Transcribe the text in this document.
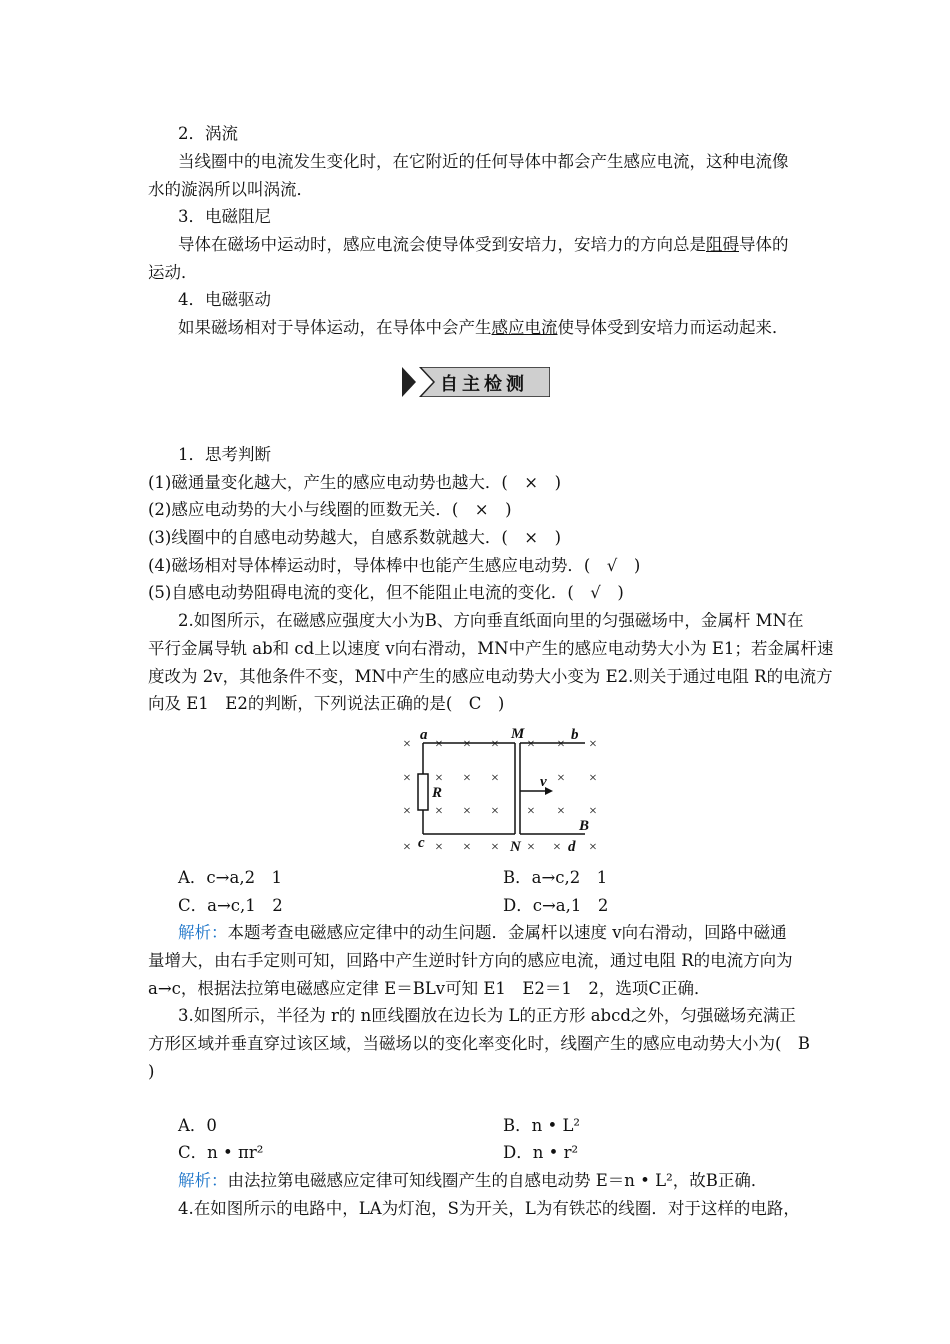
2．涡流
当线圈中的电流发生变化时，在它附近的任何导体中都会产生感应电流，这种电流像
水的漩涡所以叫涡流．
3．电磁阻尼
导体在磁场中运动时，感应电流会使导体受到安培力，安培力的方向总是阻碍导体的
运动．
4．电磁驱动
如果磁场相对于导体运动，在导体中会产生感应电流使导体受到安培力而运动起来．
自主检测
1．思考判断
(1)磁通量变化越大，产生的感应电动势也越大．(　×　)
(2)感应电动势的大小与线圈的匝数无关．(　×　)
(3)线圈中的自感电动势越大，自感系数就越大．(　×　)
(4)磁场相对导体棒运动时，导体棒中也能产生感应电动势．(　√　)
(5)自感电动势阻碍电流的变化，但不能阻止电流的变化．(　√　)
2.如图所示，在磁感应强度大小为B、方向垂直纸面向里的匀强磁场中，金属杆 MN在
平行金属导轨 ab和 cd上以速度 v向右滑动，MN中产生的感应电动势大小为 E1；若金属杆速
度改为 2v，其他条件不变，MN中产生的感应电动势大小变为 E2.则关于通过电阻 R的电流方
向及 E1　E2的判断，下列说法正确的是(　C　)
× × × × × × ×
× × × ×	× ×
× × × × × × ×
× × × × × × ×
a	M	b
R
v
B
c	N	d
A．c→a,2　1	B．a→c,2　1
C．a→c,1　2	D．c→a,1　2
解析：本题考查电磁感应定律中的动生问题．金属杆以速度 v向右滑动，回路中磁通
量增大，由右手定则可知，回路中产生逆时针方向的感应电流，通过电阻 R的电流方向为
a→c，根据法拉第电磁感应定律 E＝BLv可知 E1　E2＝1　2，选项C正确．
3.如图所示，半径为 r的 n匝线圈放在边长为 L的正方形 abcd之外，匀强磁场充满正
方形区域并垂直穿过该区域，当磁场以的变化率变化时，线圈产生的感应电动势大小为(　B
)
A．0	B．n • L²
C．n • πr²	D．n • r²
解析：由法拉第电磁感应定律可知线圈产生的自感电动势 E＝n • L²，故B正确．
4.在如图所示的电路中，LA为灯泡，S为开关，L为有铁芯的线圈．对于这样的电路，
